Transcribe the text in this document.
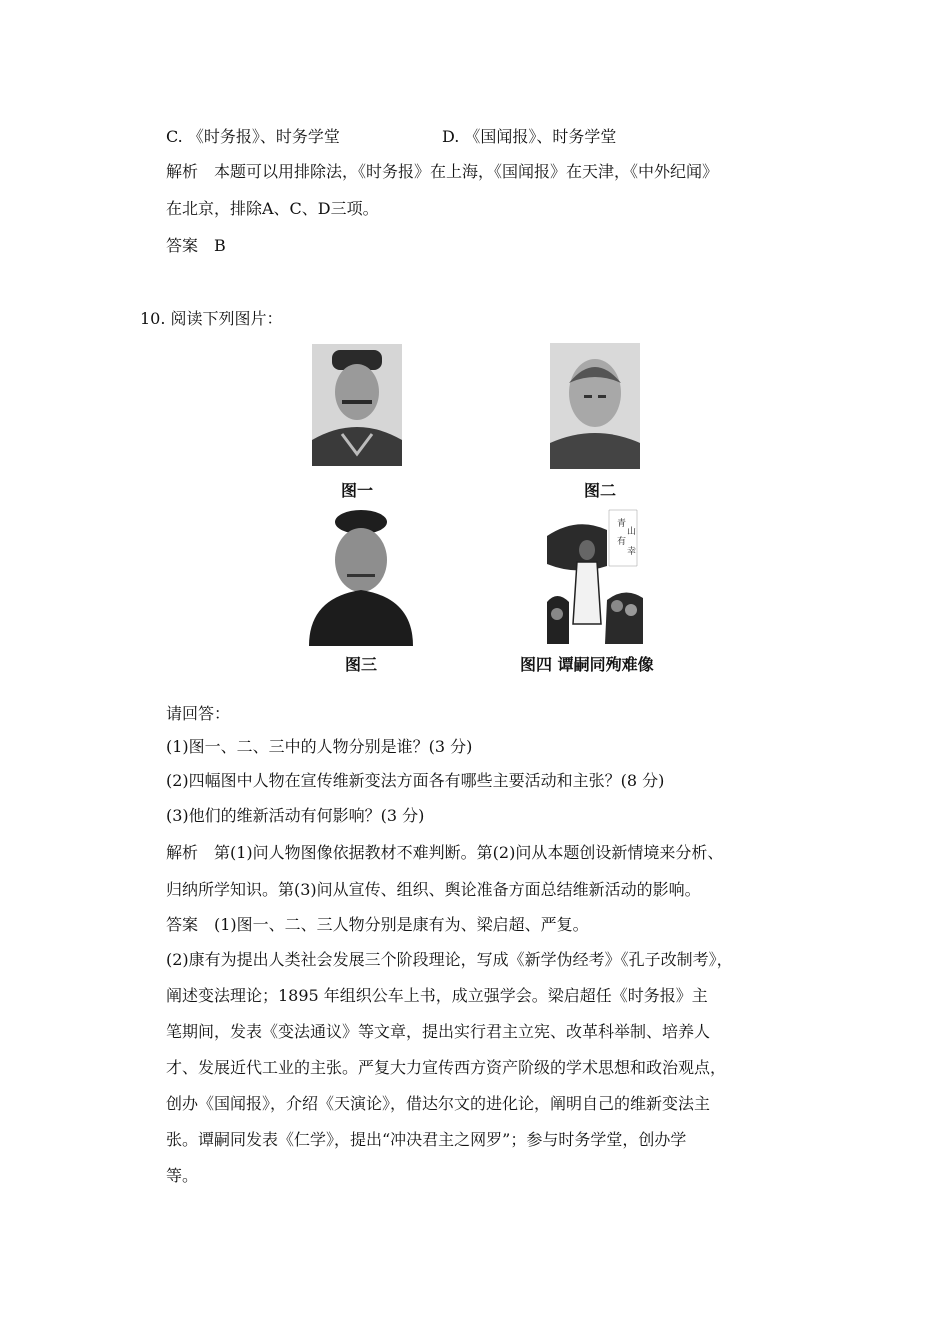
C. 《时务报》、时务学堂	D. 《国闻报》、时务学堂
解析　本题可以用排除法，《时务报》在上海，《国闻报》在天津，《中外纪闻》
在北京，排除A、C、D三项。
答案　B
10. 阅读下列图片：
图一	图二
图三
青
山
有
幸
图四 谭嗣同殉难像
请回答：
(1)图一、二、三中的人物分别是谁？(3 分)
(2)四幅图中人物在宣传维新变法方面各有哪些主要活动和主张？(8 分)
(3)他们的维新活动有何影响？(3 分)
解析　第(1)问人物图像依据教材不难判断。第(2)问从本题创设新情境来分析、
归纳所学知识。第(3)问从宣传、组织、舆论准备方面总结维新活动的影响。
答案　(1)图一、二、三人物分别是康有为、梁启超、严复。
(2)康有为提出人类社会发展三个阶段理论，写成《新学伪经考》《孔子改制考》，
阐述变法理论；1895 年组织公车上书，成立强学会。梁启超任《时务报》主
笔期间，发表《变法通议》等文章，提出实行君主立宪、改革科举制、培养人
才、发展近代工业的主张。严复大力宣传西方资产阶级的学术思想和政治观点，
创办《国闻报》，介绍《天演论》，借达尔文的进化论，阐明自己的维新变法主
张。谭嗣同发表《仁学》，提出“冲决君主之网罗”；参与时务学堂，创办学
等。
